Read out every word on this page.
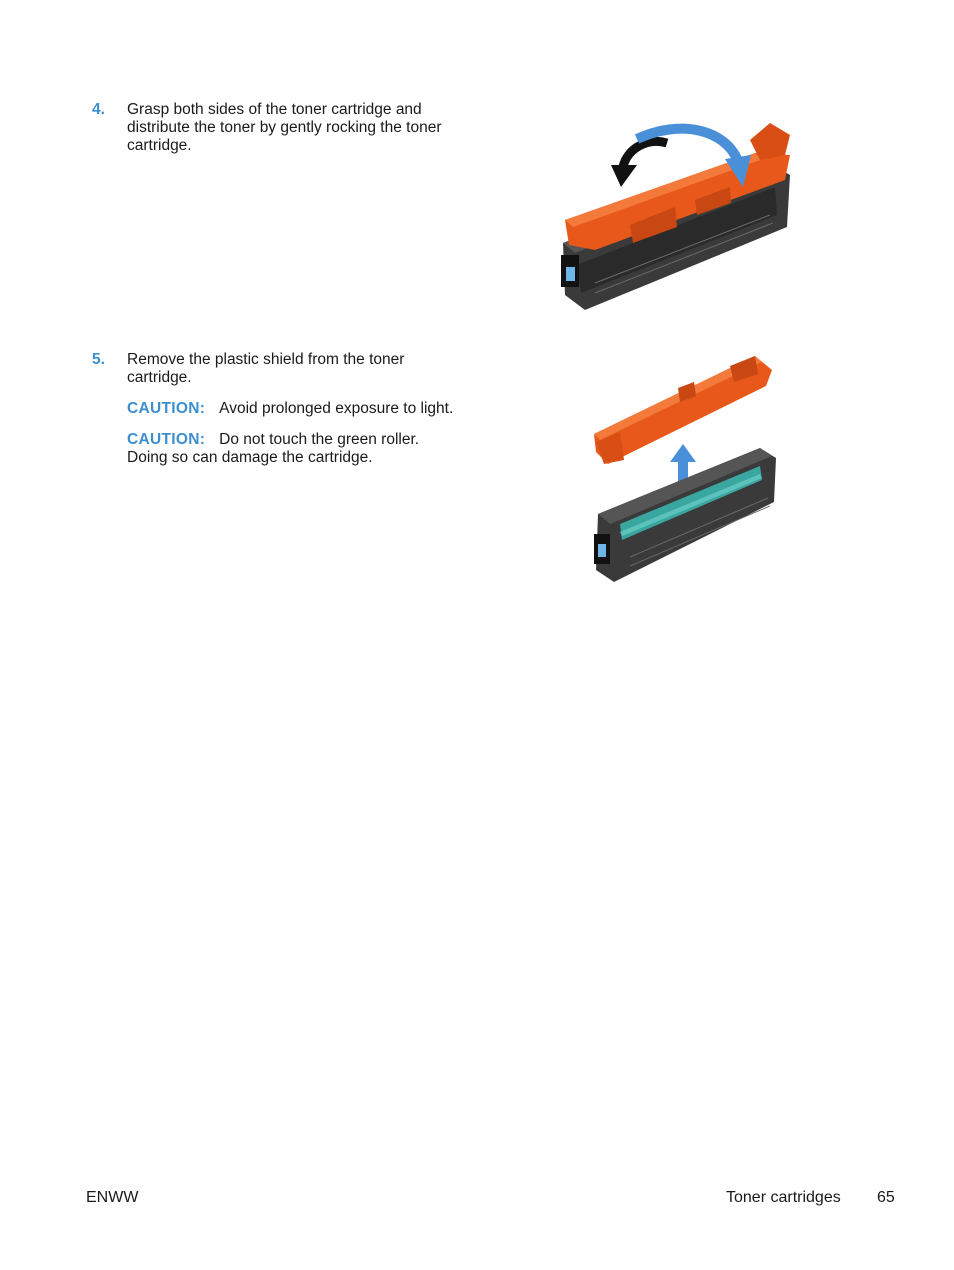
4. Grasp both sides of the toner cartridge and distribute the toner by gently rocking the toner cartridge.

5. Remove the plastic shield from the toner cartridge.

CAUTION: Avoid prolonged exposure to light.

CAUTION: Do not touch the green roller. Doing so can damage the cartridge.

ENWW	Toner cartridges 65
